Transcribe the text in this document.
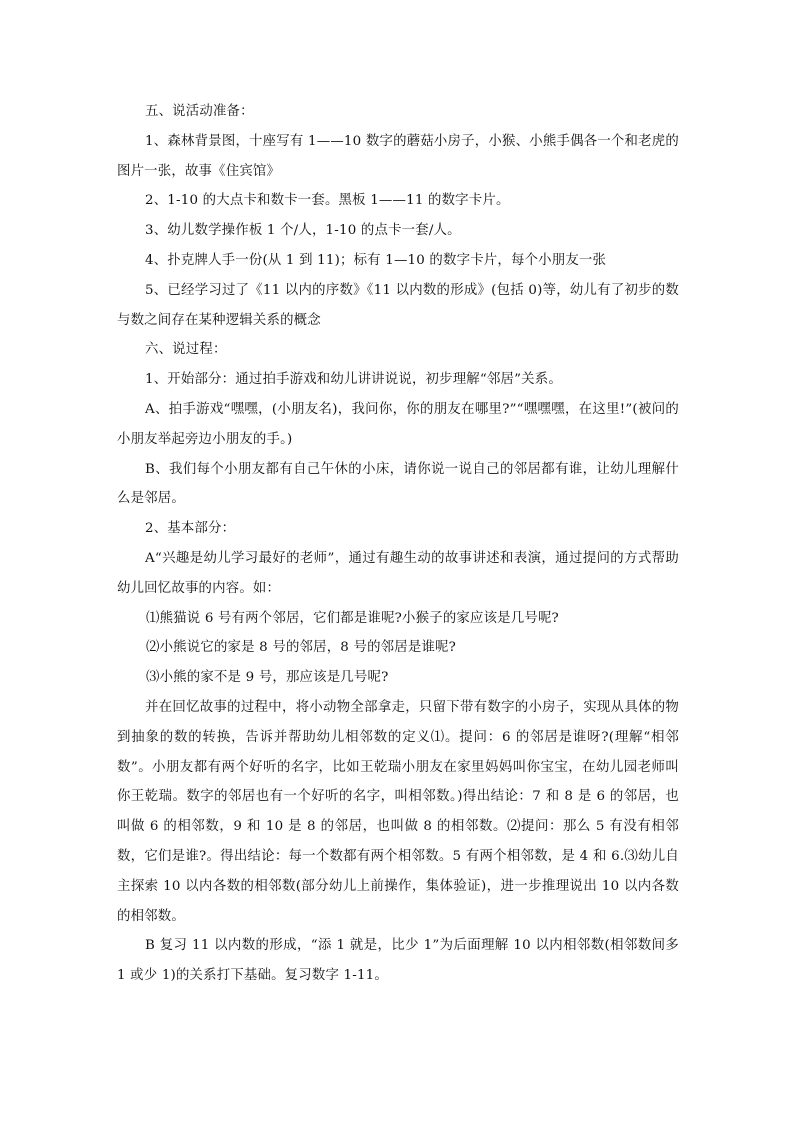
五、说活动准备：

1、森林背景图，十座写有 1——10 数字的蘑菇小房子，小猴、小熊手偶各一个和老虎的图片一张，故事《住宾馆》

2、1-10 的大点卡和数卡一套。黑板 1——11 的数字卡片。

3、幼儿数学操作板 1 个/人，1-10 的点卡一套/人。

4、扑克牌人手一份(从 1 到 11)；标有 1—10 的数字卡片，每个小朋友一张

5、已经学习过了《11 以内的序数》《11 以内数的形成》(包括 0)等，幼儿有了初步的数与数之间存在某种逻辑关系的概念

六、说过程：

1、开始部分：通过拍手游戏和幼儿讲讲说说，初步理解“邻居”关系。

A、拍手游戏“嘿嘿，(小朋友名)，我问你，你的朋友在哪里?”“嘿嘿嘿，在这里!”(被问的小朋友举起旁边小朋友的手。)

B、我们每个小朋友都有自己午休的小床，请你说一说自己的邻居都有谁，让幼儿理解什么是邻居。

2、基本部分：

A“兴趣是幼儿学习最好的老师”，通过有趣生动的故事讲述和表演，通过提问的方式帮助幼儿回忆故事的内容。如：

⑴熊猫说 6 号有两个邻居，它们都是谁呢?小猴子的家应该是几号呢?

⑵小熊说它的家是 8 号的邻居，8 号的邻居是谁呢?

⑶小熊的家不是 9 号，那应该是几号呢?

并在回忆故事的过程中，将小动物全部拿走，只留下带有数字的小房子，实现从具体的物到抽象的数的转换，告诉并帮助幼儿相邻数的定义⑴。提问：6 的邻居是谁呀?(理解“相邻数”。小朋友都有两个好听的名字，比如王乾瑞小朋友在家里妈妈叫你宝宝，在幼儿园老师叫你王乾瑞。数字的邻居也有一个好听的名字，叫相邻数。)得出结论：7 和 8 是 6 的邻居，也叫做 6 的相邻数，9 和 10 是 8 的邻居，也叫做 8 的相邻数。⑵提问：那么 5 有没有相邻数，它们是谁?。得出结论：每一个数都有两个相邻数。5 有两个相邻数，是 4 和 6.⑶幼儿自主探索 10 以内各数的相邻数(部分幼儿上前操作，集体验证)，进一步推理说出 10 以内各数的相邻数。

B 复习 11 以内数的形成，“添 1 就是，比少 1”为后面理解 10 以内相邻数(相邻数间多 1 或少 1)的关系打下基础。复习数字 1-11。
